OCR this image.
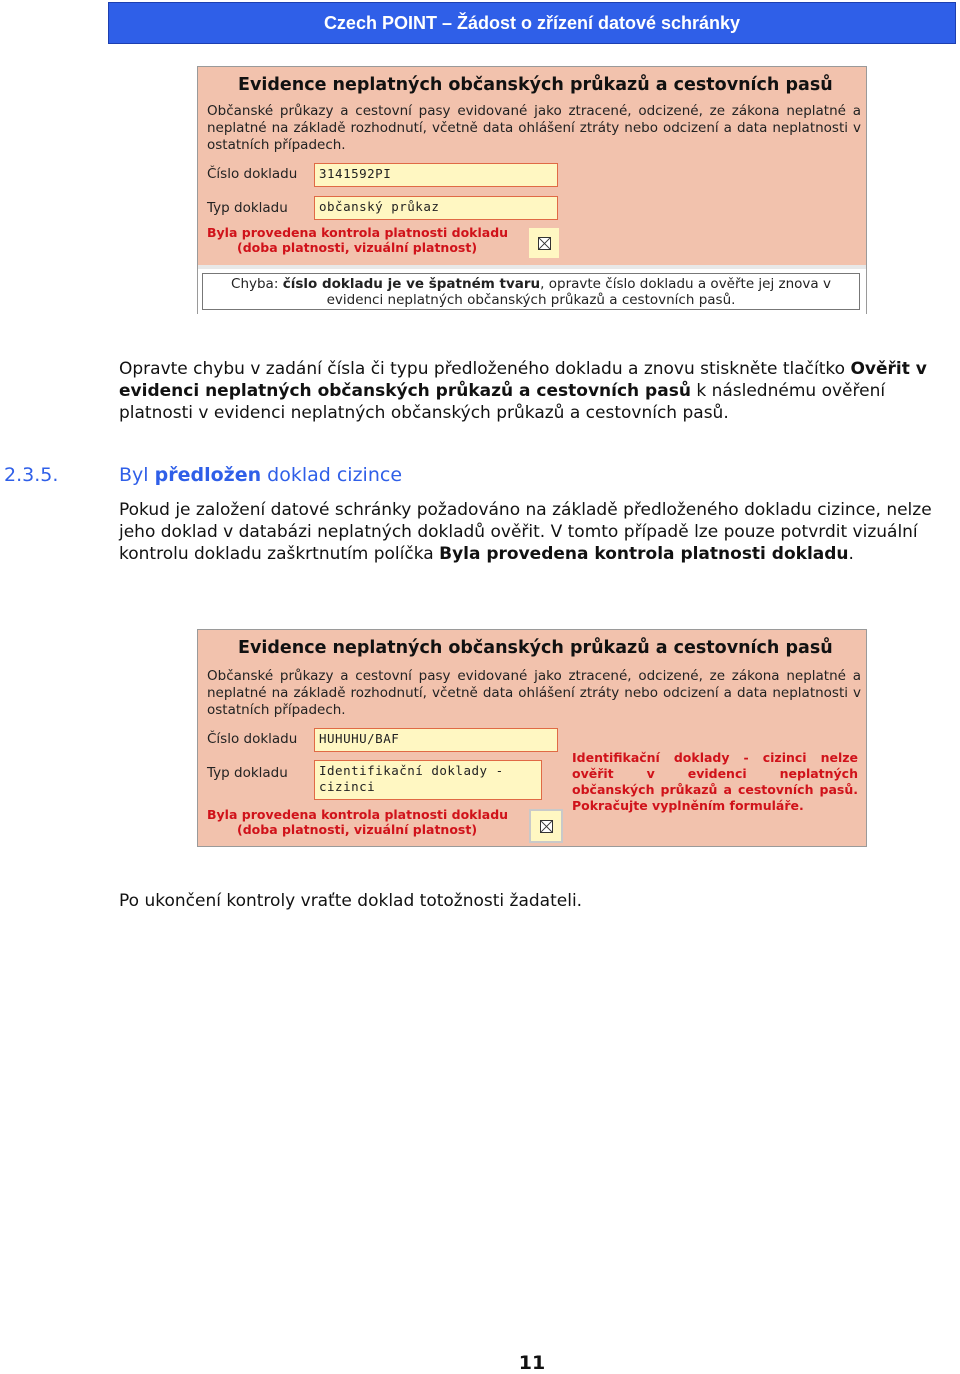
Czech POINT – Žádost o zřízení datové schránky
Evidence neplatných občanských průkazů a cestovních pasů
Občanské průkazy a cestovní pasy evidované jako ztracené, odcizené, ze zákona neplatné a neplatné na základě rozhodnutí, včetně data ohlášení ztráty nebo odcizení a data neplatnosti v ostatních případech.
Číslo dokladu	3141592PI
Typ dokladu	občanský průkaz
Byla provedena kontrola platnosti dokladu
(doba platnosti, vizuální platnost)
Chyba: číslo dokladu je ve špatném tvaru, opravte číslo dokladu a ověřte jej znova v evidenci neplatných občanských průkazů a cestovních pasů.
Opravte chybu v zadání čísla či typu předloženého dokladu a znovu stiskněte tlačítko Ověřit v evidenci neplatných občanských průkazů a cestovních pasů k následnému ověření platnosti v evidenci neplatných občanských průkazů a cestovních pasů.
2.3.5.	Byl předložen doklad cizince
Pokud je založení datové schránky požadováno na základě předloženého dokladu cizince, nelze jeho doklad v databázi neplatných dokladů ověřit. V tomto případě lze pouze potvrdit vizuální kontrolu dokladu zaškrtnutím políčka Byla provedena kontrola platnosti dokladu.
Evidence neplatných občanských průkazů a cestovních pasů
Občanské průkazy a cestovní pasy evidované jako ztracené, odcizené, ze zákona neplatné a neplatné na základě rozhodnutí, včetně data ohlášení ztráty nebo odcizení a data neplatnosti v ostatních případech.
Číslo dokladu	HUHUHU/BAF
Typ dokladu	Identifikační doklady - cizinci
Byla provedena kontrola platnosti dokladu
(doba platnosti, vizuální platnost)
Identifikační doklady - cizinci nelze ověřit v evidenci neplatných občanských průkazů a cestovních pasů. Pokračujte vyplněním formuláře.
Po ukončení kontroly vraťte doklad totožnosti žadateli.
11
